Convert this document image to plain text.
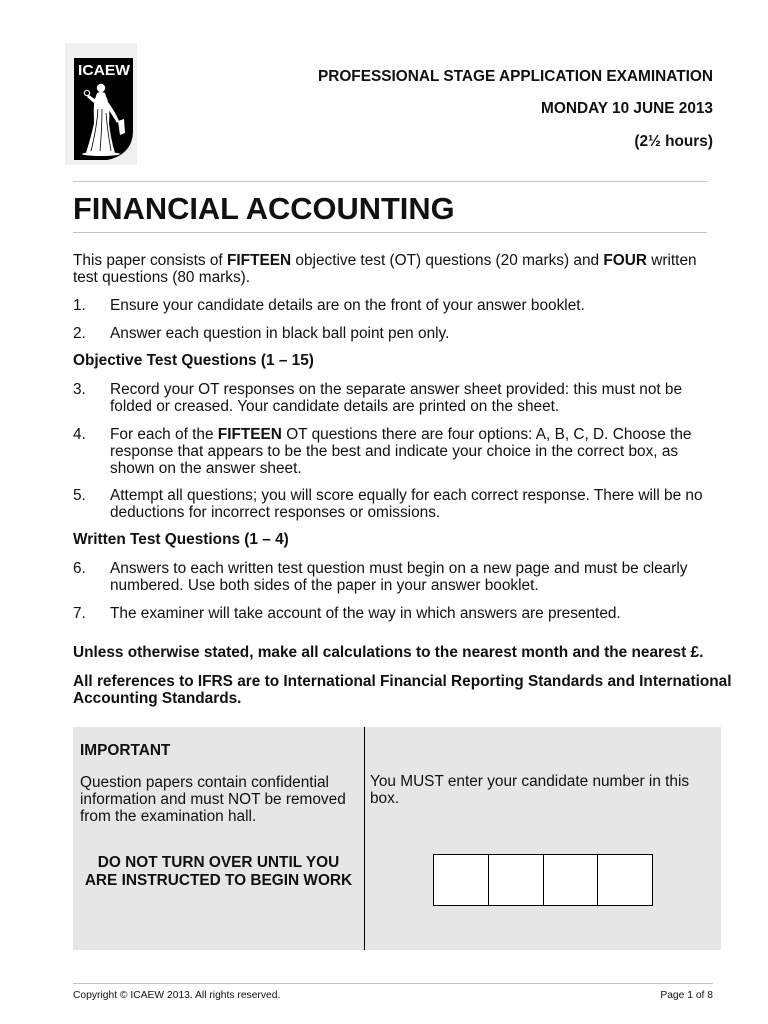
ICAEW	PROFESSIONAL STAGE APPLICATION EXAMINATION
MONDAY 10 JUNE 2013
(2½ hours)
FINANCIAL ACCOUNTING
This paper consists of FIFTEEN objective test (OT) questions (20 marks) and FOUR written
test questions (80 marks).
1. Ensure your candidate details are on the front of your answer booklet.
2. Answer each question in black ball point pen only.
Objective Test Questions (1 – 15)
3. Record your OT responses on the separate answer sheet provided: this must not be
folded or creased. Your candidate details are printed on the sheet.
4. For each of the FIFTEEN OT questions there are four options: A, B, C, D. Choose the
response that appears to be the best and indicate your choice in the correct box, as
shown on the answer sheet.
5. Attempt all questions; you will score equally for each correct response. There will be no
deductions for incorrect responses or omissions.
Written Test Questions (1 – 4)
6. Answers to each written test question must begin on a new page and must be clearly
numbered. Use both sides of the paper in your answer booklet.
7. The examiner will take account of the way in which answers are presented.
Unless otherwise stated, make all calculations to the nearest month and the nearest £.
All references to IFRS are to International Financial Reporting Standards and International
Accounting Standards.
IMPORTANT
Question papers contain confidential
information and must NOT be removed
from the examination hall.
DO NOT TURN OVER UNTIL YOU
ARE INSTRUCTED TO BEGIN WORK
You MUST enter your candidate number in this
box.
Copyright © ICAEW 2013. All rights reserved.	Page 1 of 8
